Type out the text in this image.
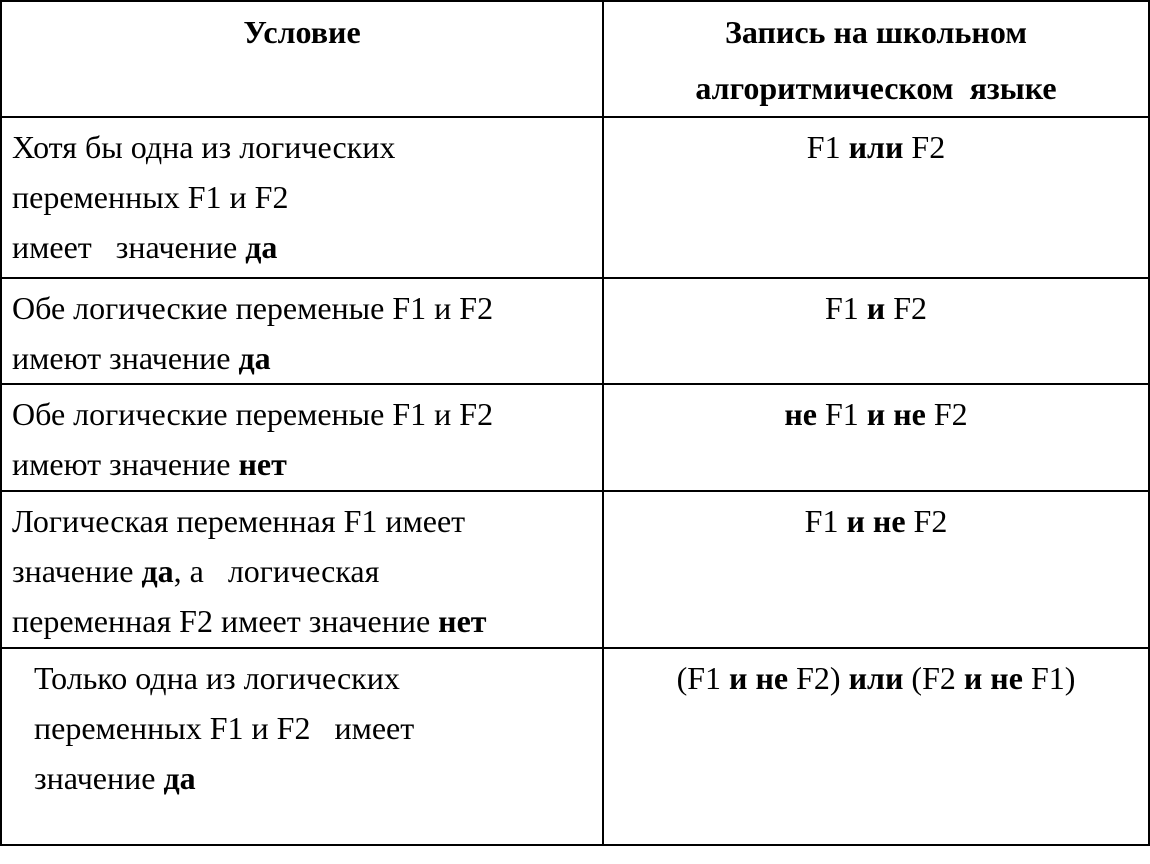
Условие	Запись на школьном
алгоритмическом  языке

Хотя бы одна из логических
переменных F1 и F2
имеет   значение да	F1 или F2

Обе логические переменые F1 и F2
имеют значение да	F1 и F2

Обе логические переменые F1 и F2
имеют значение нет	не F1 и не F2

Логическая переменная F1 имеет
значение да, а   логическая
переменная F2 имеет значение нет	F1 и не F2

Только одна из логических
переменных F1 и F2   имеет
значение да	(F1 и не F2) или (F2 и не F1)
